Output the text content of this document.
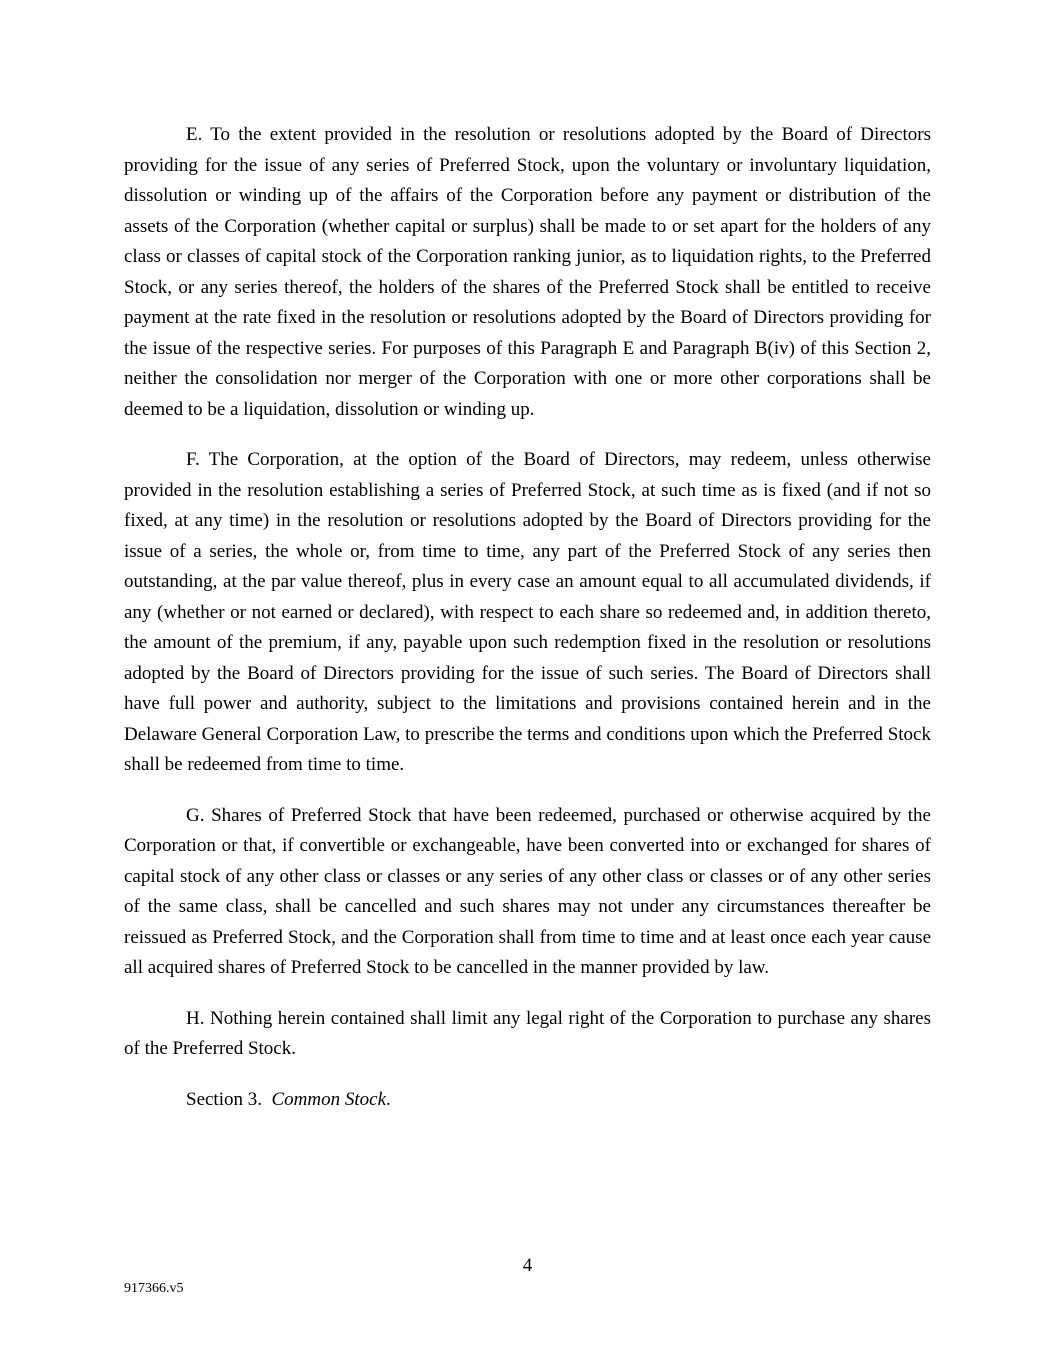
E. To the extent provided in the resolution or resolutions adopted by the Board of Directors providing for the issue of any series of Preferred Stock, upon the voluntary or involuntary liquidation, dissolution or winding up of the affairs of the Corporation before any payment or distribution of the assets of the Corporation (whether capital or surplus) shall be made to or set apart for the holders of any class or classes of capital stock of the Corporation ranking junior, as to liquidation rights, to the Preferred Stock, or any series thereof, the holders of the shares of the Preferred Stock shall be entitled to receive payment at the rate fixed in the resolution or resolutions adopted by the Board of Directors providing for the issue of the respective series. For purposes of this Paragraph E and Paragraph B(iv) of this Section 2, neither the consolidation nor merger of the Corporation with one or more other corporations shall be deemed to be a liquidation, dissolution or winding up.

F. The Corporation, at the option of the Board of Directors, may redeem, unless otherwise provided in the resolution establishing a series of Preferred Stock, at such time as is fixed (and if not so fixed, at any time) in the resolution or resolutions adopted by the Board of Directors providing for the issue of a series, the whole or, from time to time, any part of the Preferred Stock of any series then outstanding, at the par value thereof, plus in every case an amount equal to all accumulated dividends, if any (whether or not earned or declared), with respect to each share so redeemed and, in addition thereto, the amount of the premium, if any, payable upon such redemption fixed in the resolution or resolutions adopted by the Board of Directors providing for the issue of such series. The Board of Directors shall have full power and authority, subject to the limitations and provisions contained herein and in the Delaware General Corporation Law, to prescribe the terms and conditions upon which the Preferred Stock shall be redeemed from time to time.

G. Shares of Preferred Stock that have been redeemed, purchased or otherwise acquired by the Corporation or that, if convertible or exchangeable, have been converted into or exchanged for shares of capital stock of any other class or classes or any series of any other class or classes or of any other series of the same class, shall be cancelled and such shares may not under any circumstances thereafter be reissued as Preferred Stock, and the Corporation shall from time to time and at least once each year cause all acquired shares of Preferred Stock to be cancelled in the manner provided by law.

H. Nothing herein contained shall limit any legal right of the Corporation to purchase any shares of the Preferred Stock.

Section 3. Common Stock.

4
917366.v5
